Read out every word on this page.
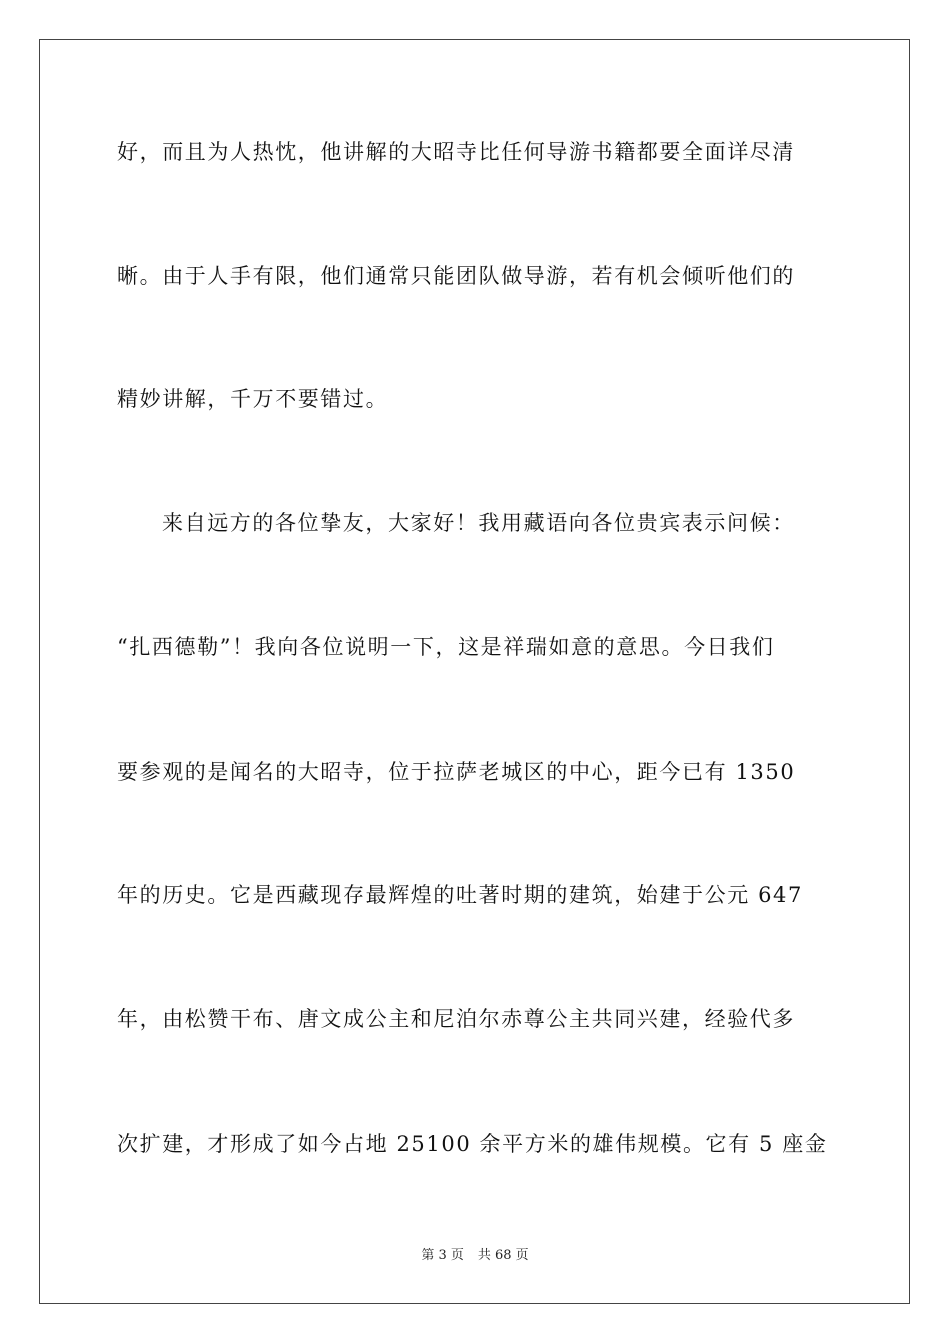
好，而且为人热忱，他讲解的大昭寺比任何导游书籍都要全面详尽清
晰。由于人手有限，他们通常只能团队做导游，若有机会倾听他们的
精妙讲解，千万不要错过。
来自远方的各位挚友，大家好！我用藏语向各位贵宾表示问候：
“扎西德勒”！我向各位说明一下，这是祥瑞如意的意思。今日我们
要参观的是闻名的大昭寺，位于拉萨老城区的中心，距今已有 1350
年的历史。它是西藏现存最辉煌的吐著时期的建筑，始建于公元 647
年，由松赞干布、唐文成公主和尼泊尔赤尊公主共同兴建，经验代多
次扩建，才形成了如今占地 25100 余平方米的雄伟规模。它有 5 座金
第 3 页 共 68 页
